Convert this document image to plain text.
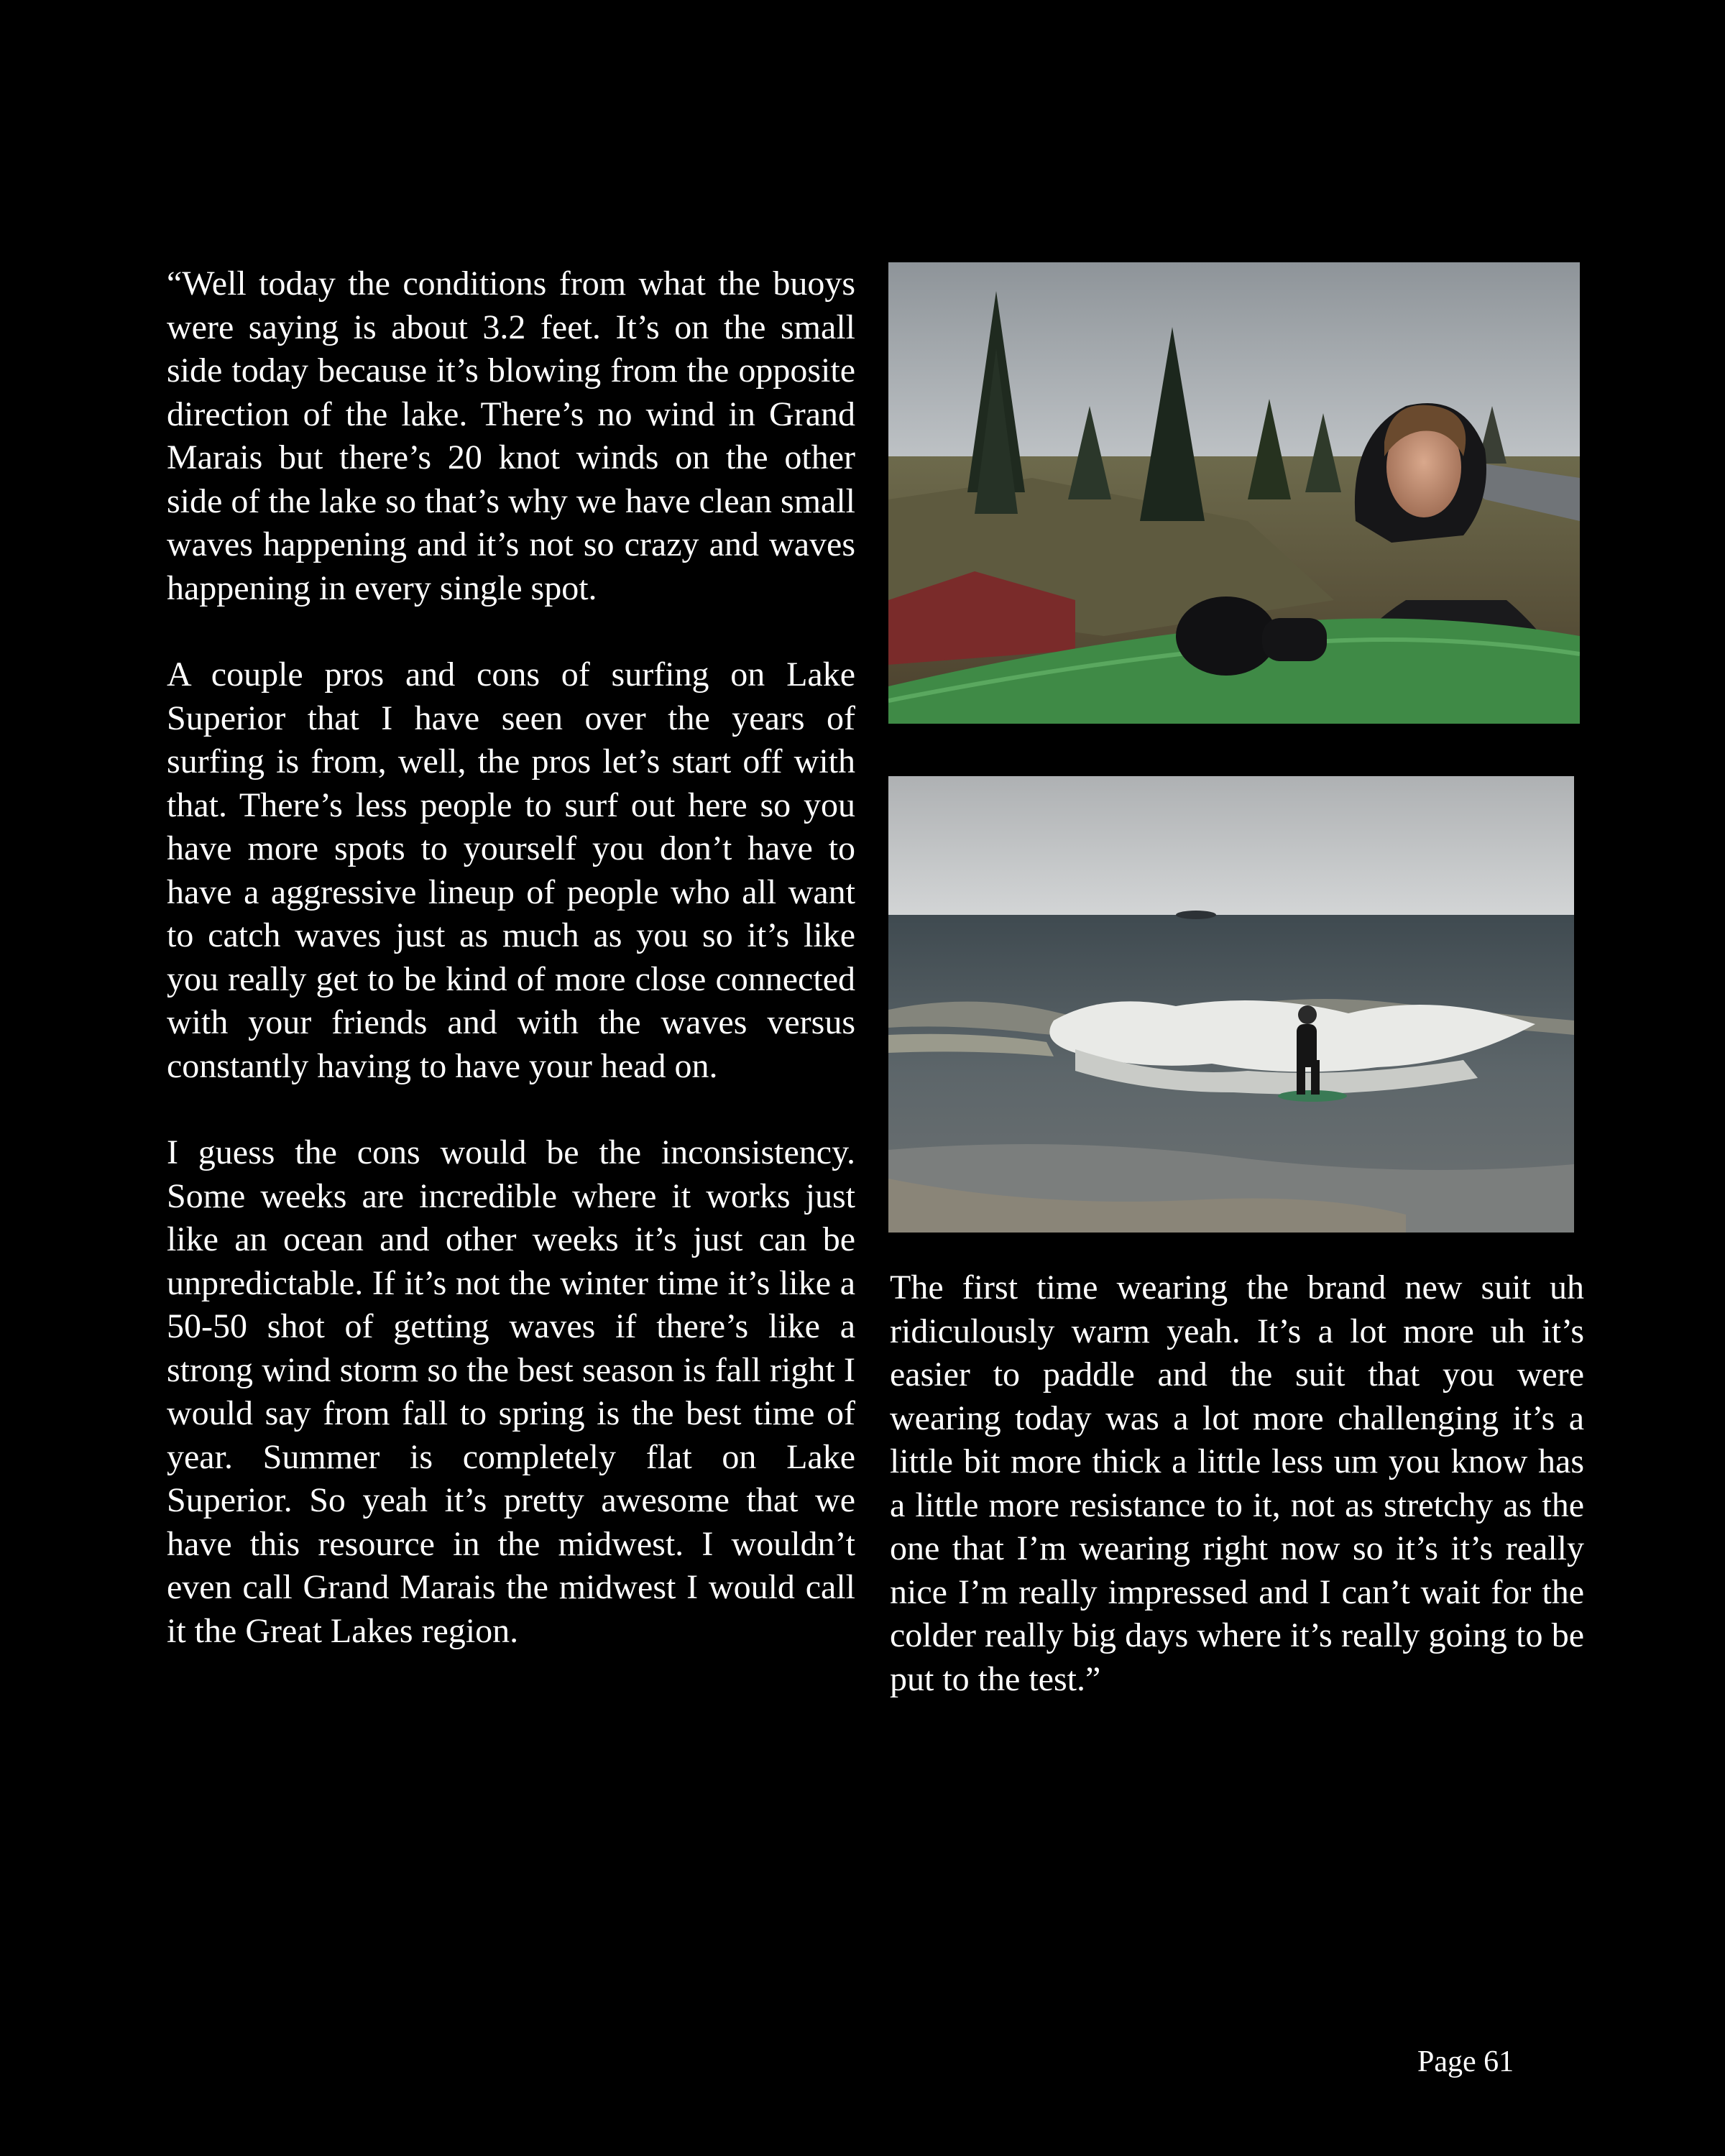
“Well today the conditions from what the buoys were saying is about 3.2 feet. It’s on the small side today because it’s blowing from the opposite direction of the lake. There’s no wind in Grand Marais but there’s 20 knot winds on the other side of the lake so that’s why we have clean small waves happening and it’s not so crazy and waves happening in every single spot.

A couple pros and cons of surfing on Lake Superior that I have seen over the years of surfing is from, well, the pros let’s start off with that. There’s less people to surf out here so you have more spots to yourself you don’t have to have a aggressive lineup of people who all want to catch waves just as much as you so it’s like you really get to be kind of more close connected with your friends and with the waves versus constantly having to have your head on.

I guess the cons would be the inconsistency. Some weeks are incredible where it works just like an ocean and other weeks it’s just can be unpredictable. If it’s not the winter time it’s like a 50-50 shot of getting waves if there’s like a strong wind storm so the best season is fall right I would say from fall to spring is the best time of year. Summer is completely flat on Lake Superior. So yeah it’s pretty awesome that we have this resource in the midwest. I wouldn’t even call Grand Marais the midwest I would call it the Great Lakes region.

The first time wearing the brand new suit uh ridiculously warm yeah. It’s a lot more uh it’s easier to paddle and the suit that you were wearing today was a lot more challenging it’s a little bit more thick a little less um you know has a little more resistance to it, not as stretchy as the one that I’m wearing right now so it’s it’s really nice I’m really impressed and I can’t wait for the colder really big days where it’s really going to be put to the test.”

Page 61
